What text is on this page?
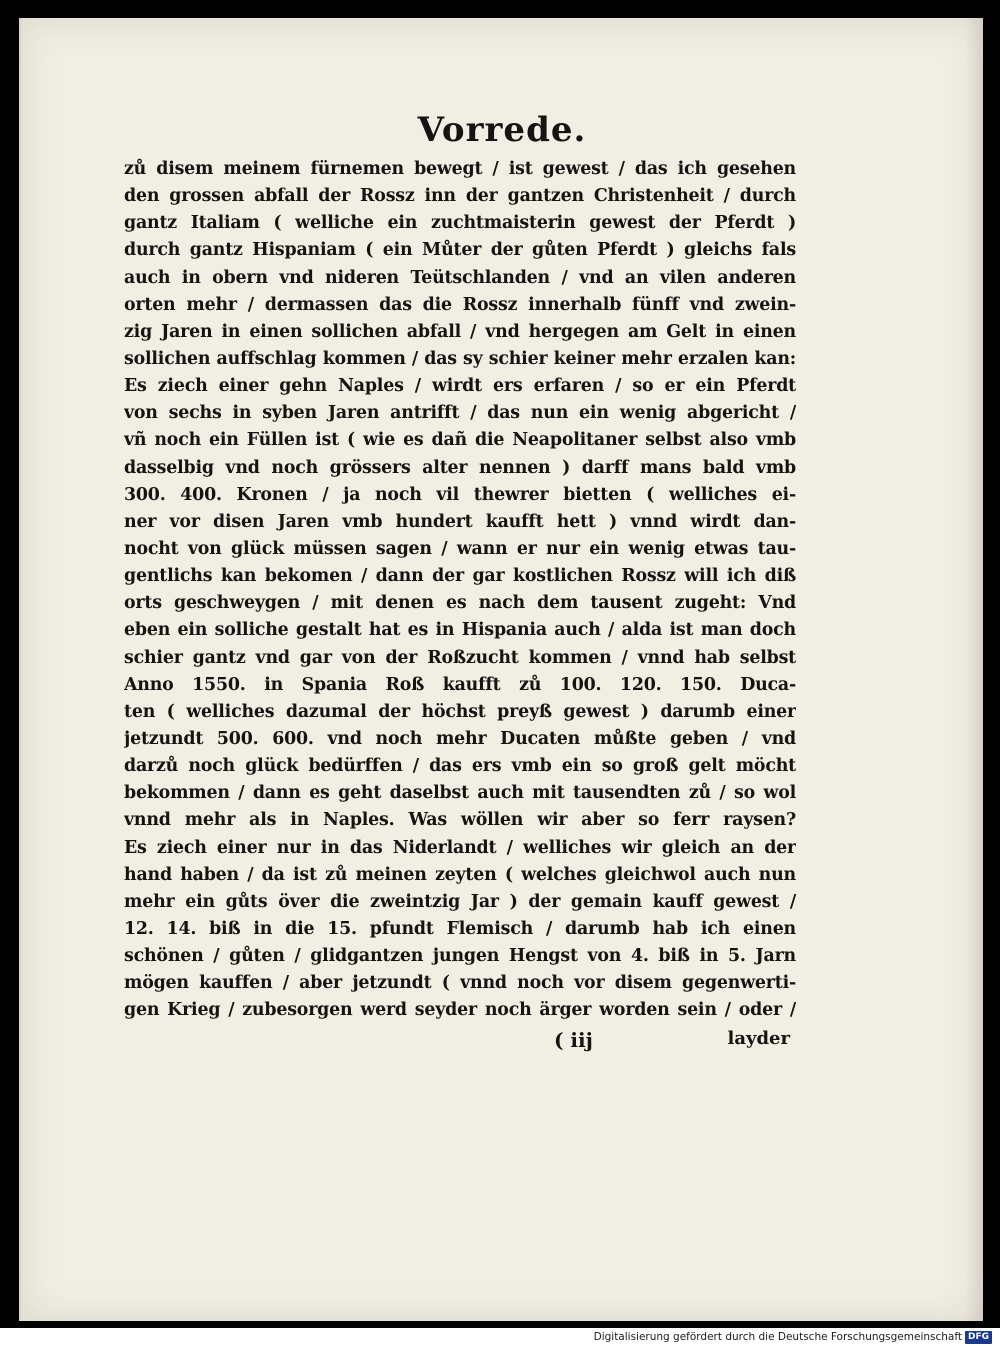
Vorrede.
zů disem meinem fürnemen bewegt / ist gewest / das ich gesehen
den grossen abfall der Rossz inn der gantzen Christenheit / durch
gantz Italiam ( welliche ein zuchtmaisterin gewest der Pferdt )
durch gantz Hispaniam ( ein Můter der gůten Pferdt ) gleichs fals
auch in obern vnd nideren Teütschlanden / vnd an vilen anderen
orten mehr / dermassen das die Rossz innerhalb fünff vnd zwein-
zig Jaren in einen sollichen abfall / vnd hergegen am Gelt in einen
sollichen auffschlag kommen / das sy schier keiner mehr erzalen kan:
Es ziech einer gehn Naples / wirdt ers erfaren / so er ein Pferdt
von sechs in syben Jaren antrifft / das nun ein wenig abgericht /
vñ noch ein Füllen ist ( wie es dañ die Neapolitaner selbst also vmb
dasselbig vnd noch grössers alter nennen ) darff mans bald vmb
300. 400. Kronen / ja noch vil thewrer bietten ( welliches ei-
ner vor disen Jaren vmb hundert kaufft hett ) vnnd wirdt dan-
nocht von glück müssen sagen / wann er nur ein wenig etwas tau-
gentlichs kan bekomen / dann der gar kostlichen Rossz will ich diß
orts geschweygen / mit denen es nach dem tausent zugeht: Vnd
eben ein solliche gestalt hat es in Hispania auch / alda ist man doch
schier gantz vnd gar von der Roßzucht kommen / vnnd hab selbst
Anno 1550. in Spania Roß kaufft zů 100. 120. 150. Duca-
ten ( welliches dazumal der höchst preyß gewest ) darumb einer
jetzundt 500. 600. vnd noch mehr Ducaten můßte geben / vnd
darzů noch glück bedürffen / das ers vmb ein so groß gelt möcht
bekommen / dann es geht daselbst auch mit tausendten zů / so wol
vnnd mehr als in Naples. Was wöllen wir aber so ferr raysen?
Es ziech einer nur in das Niderlandt / welliches wir gleich an der
hand haben / da ist zů meinen zeyten ( welches gleichwol auch nun
mehr ein gůts över die zweintzig Jar ) der gemain kauff gewest /
12. 14. biß in die 15. pfundt Flemisch / darumb hab ich einen
schönen / gůten / glidgantzen jungen Hengst von 4. biß in 5. Jarn
mögen kauffen / aber jetzundt ( vnnd noch vor disem gegenwerti-
gen Krieg / zubesorgen werd seyder noch ärger worden sein / oder /
( iij	layder
Digitalisierung gefördert durch die Deutsche Forschungsgemeinschaft DFG
